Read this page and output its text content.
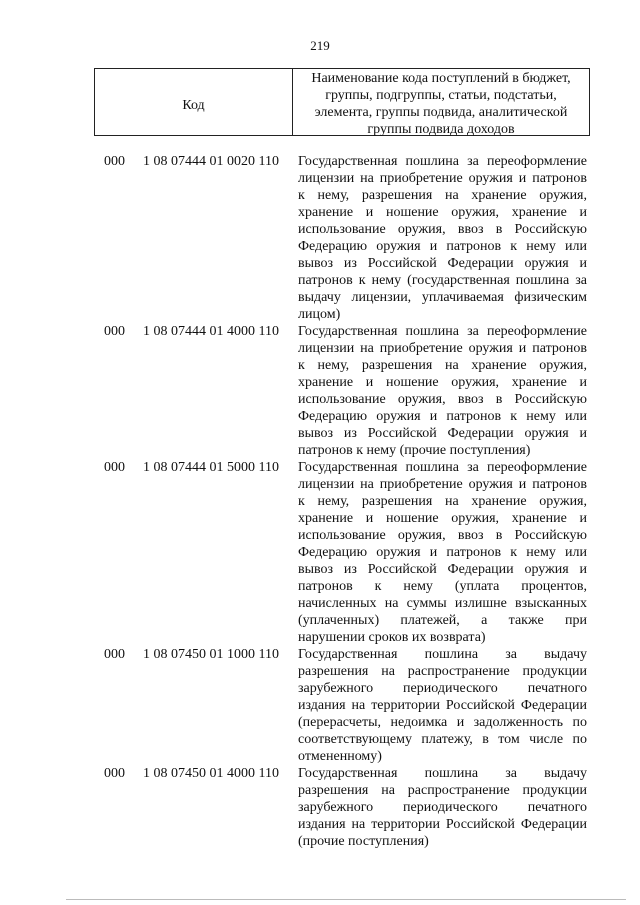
219
Код
Наименование кода поступлений в бюджет, группы, подгруппы, статьи, подстатьи, элемента, группы подвида, аналитической группы подвида доходов
000 1 08 07444 01 0020 110 Государственная пошлина за переоформление
лицензии на приобретение оружия и патронов
к нему, разрешения на хранение оружия,
хранение и ношение оружия, хранение и
использование оружия, ввоз в Российскую
Федерацию оружия и патронов к нему или
вывоз из Российской Федерации оружия и
патронов к нему (государственная пошлина за
выдачу лицензии, уплачиваемая физическим
лицом)
000 1 08 07444 01 4000 110 Государственная пошлина за переоформление
лицензии на приобретение оружия и патронов
к нему, разрешения на хранение оружия,
хранение и ношение оружия, хранение и
использование оружия, ввоз в Российскую
Федерацию оружия и патронов к нему или
вывоз из Российской Федерации оружия и
патронов к нему (прочие поступления)
000 1 08 07444 01 5000 110 Государственная пошлина за переоформление
лицензии на приобретение оружия и патронов
к нему, разрешения на хранение оружия,
хранение и ношение оружия, хранение и
использование оружия, ввоз в Российскую
Федерацию оружия и патронов к нему или
вывоз из Российской Федерации оружия и
патронов к нему (уплата процентов,
начисленных на суммы излишне взысканных
(уплаченных) платежей, а также при
нарушении сроков их возврата)
000 1 08 07450 01 1000 110 Государственная пошлина за выдачу
разрешения на распространение продукции
зарубежного периодического печатного
издания на территории Российской Федерации
(перерасчеты, недоимка и задолженность по
соответствующему платежу, в том числе по
отмененному)
000 1 08 07450 01 4000 110 Государственная пошлина за выдачу
разрешения на распространение продукции
зарубежного периодического печатного
издания на территории Российской Федерации
(прочие поступления)
